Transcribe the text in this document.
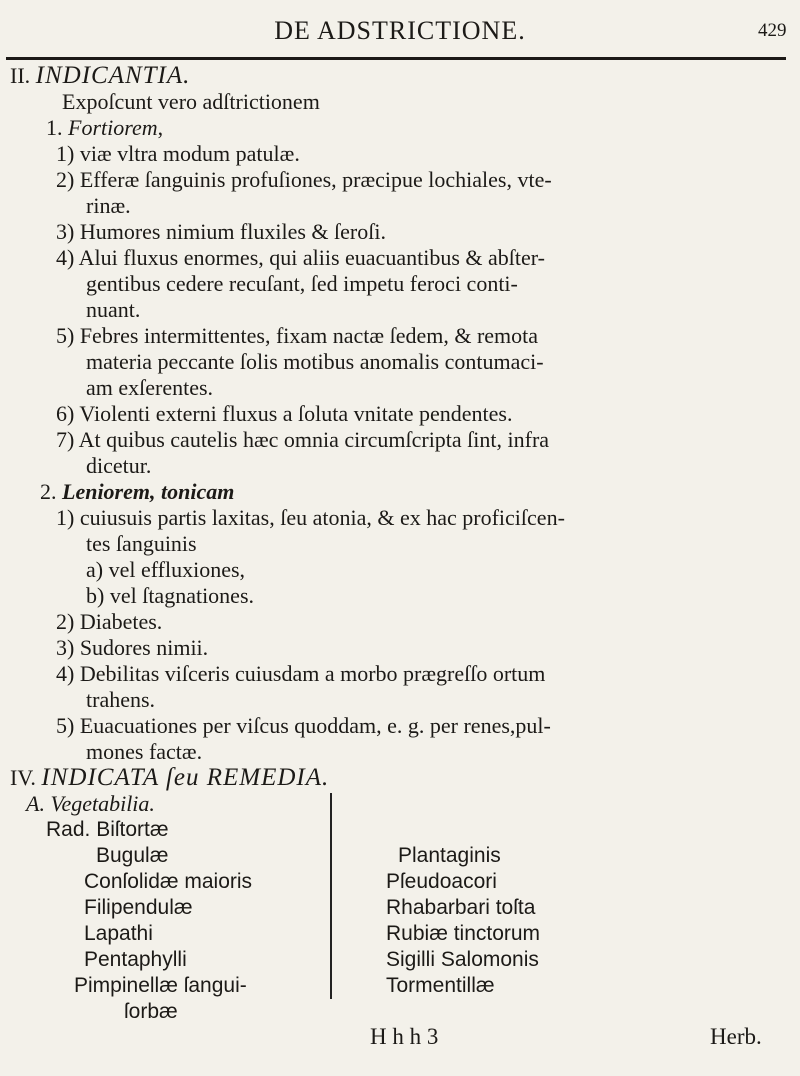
DE ADSTRICTIONE.	429
II. INDICANTIA.
Expoſcunt vero adſtrictionem
1. Fortiorem,
1) viæ vltra modum patulæ.
2) Efferæ ſanguinis profuſiones, præcipue lochiales, vte-
rinæ.
3) Humores nimium fluxiles & ſeroſi.
4) Alui fluxus enormes, qui aliis euacuantibus & abſter-
gentibus cedere recuſant, ſed impetu feroci conti-
nuant.
5) Febres intermittentes, fixam nactæ ſedem, & remota
materia peccante ſolis motibus anomalis contumaci-
am exſerentes.
6) Violenti externi fluxus a ſoluta vnitate pendentes.
7) At quibus cautelis hæc omnia circumſcripta ſint, infra
dicetur.
2. Leniorem, tonicam
1) cuiusuis partis laxitas, ſeu atonia, & ex hac proficiſcen-
tes ſanguinis
a) vel effluxiones,
b) vel ſtagnationes.
2) Diabetes.
3) Sudores nimii.
4) Debilitas viſceris cuiusdam a morbo prægreſſo ortum
trahens.
5) Euacuationes per viſcus quoddam, e. g. per renes,pul-
mones factæ.
IV. INDICATA ſeu REMEDIA.
A. Vegetabilia.
Rad. Biſtortæ
Bugulæ
Conſolidæ maioris
Filipendulæ
Lapathi
Pentaphylli
Pimpinellæ ſangui-
ſorbæ
Plantaginis
Pſeudoacori
Rhabarbari toſta
Rubiæ tinctorum
Sigilli Salomonis
Tormentillæ
H h h 3	Herb.
